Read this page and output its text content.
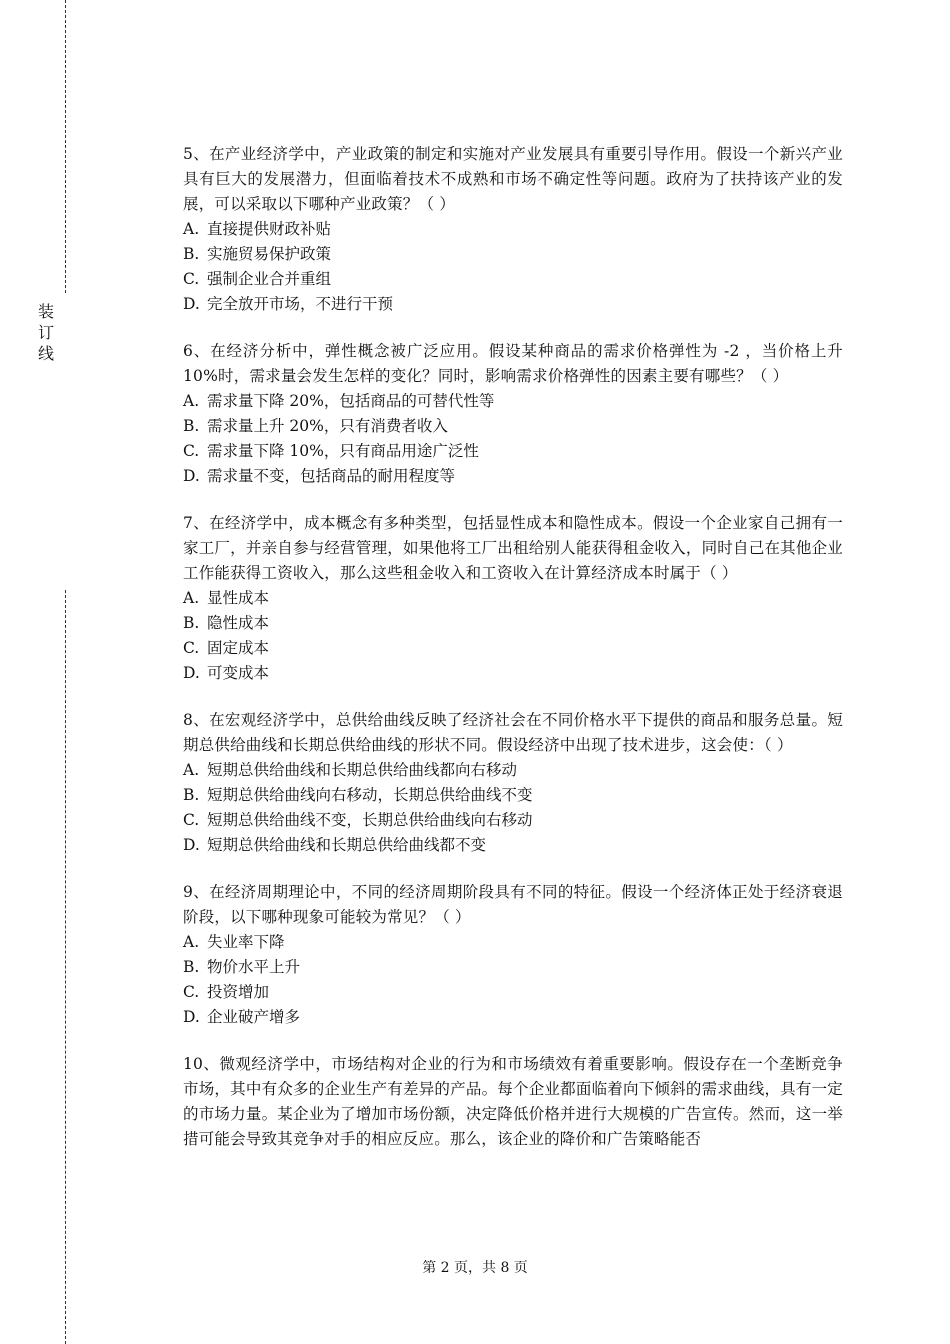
装
订
线

5、在产业经济学中，产业政策的制定和实施对产业发展具有重要引导作用。假设一个新兴产业具有巨大的发展潜力，但面临着技术不成熟和市场不确定性等问题。政府为了扶持该产业的发展，可以采取以下哪种产业政策？（ ）

A. 直接提供财政补贴

B. 实施贸易保护政策

C. 强制企业合并重组

D. 完全放开市场，不进行干预

6、在经济分析中，弹性概念被广泛应用。假设某种商品的需求价格弹性为 -2 ，当价格上升 10%时，需求量会发生怎样的变化？同时，影响需求价格弹性的因素主要有哪些？（ ）

A. 需求量下降 20%，包括商品的可替代性等

B. 需求量上升 20%，只有消费者收入

C. 需求量下降 10%，只有商品用途广泛性

D. 需求量不变，包括商品的耐用程度等

7、在经济学中，成本概念有多种类型，包括显性成本和隐性成本。假设一个企业家自己拥有一家工厂，并亲自参与经营管理，如果他将工厂出租给别人能获得租金收入，同时自己在其他企业工作能获得工资收入，那么这些租金收入和工资收入在计算经济成本时属于（ ）

A. 显性成本

B. 隐性成本

C. 固定成本

D. 可变成本

8、在宏观经济学中，总供给曲线反映了经济社会在不同价格水平下提供的商品和服务总量。短期总供给曲线和长期总供给曲线的形状不同。假设经济中出现了技术进步，这会使：（ ）

A. 短期总供给曲线和长期总供给曲线都向右移动

B. 短期总供给曲线向右移动，长期总供给曲线不变

C. 短期总供给曲线不变，长期总供给曲线向右移动

D. 短期总供给曲线和长期总供给曲线都不变

9、在经济周期理论中，不同的经济周期阶段具有不同的特征。假设一个经济体正处于经济衰退阶段，以下哪种现象可能较为常见？（ ）

A. 失业率下降

B. 物价水平上升

C. 投资增加

D. 企业破产增多

10、微观经济学中，市场结构对企业的行为和市场绩效有着重要影响。假设存在一个垄断竞争市场，其中有众多的企业生产有差异的产品。每个企业都面临着向下倾斜的需求曲线，具有一定的市场力量。某企业为了增加市场份额，决定降低价格并进行大规模的广告宣传。然而，这一举措可能会导致其竞争对手的相应反应。那么，该企业的降价和广告策略能否

第 2 页，共 8 页
